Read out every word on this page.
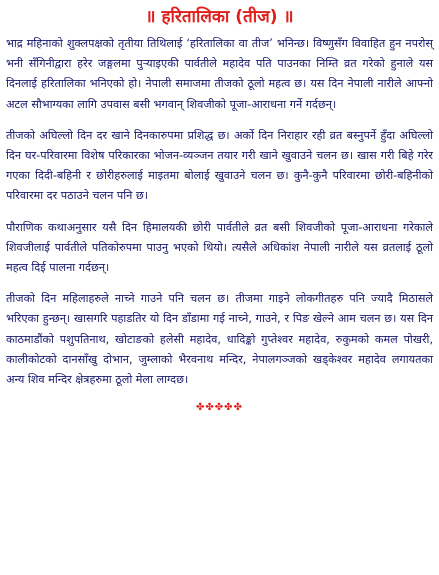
॥ हरितालिका (तीज) ॥

भाद्र महिनाको शुक्लपक्षको तृतीया तिथिलाई ‘हरितालिका वा तीज’ भनिन्छ। विष्णुसँग विवाहित हुन नपरोस् भनी सँगिनीद्वारा हरेर जङ्गलमा पुऱ्याइएकी पार्वतीले महादेव पति पाउनका निम्ति व्रत गरेको हुनाले यस दिनलाई हरितालिका भनिएको हो। नेपाली समाजमा तीजको ठूलो महत्व छ। यस दिन नेपाली नारीले आफ्नो अटल सौभाग्यका लागि उपवास बसी भगवान् शिवजीको पूजा-आराधना गर्ने गर्दछन्।

तीजको अघिल्लो दिन दर खाने दिनकारुपमा प्रशिद्ध छ। अर्को दिन निराहार रही व्रत बस्नुपर्ने हुँदा अघिल्लो दिन घर-परिवारमा विशेष परिकारका भोजन-व्यञ्जन तयार गरी खाने खुवाउने चलन छ। खास गरी बिहे गरेर गएका दिदी-बहिनी र छोरीहरुलाई माइतमा बोलाई खुवाउने चलन छ। कुनै-कुनै परिवारमा छोरी-बहिनीको परिवारमा दर पठाउने चलन पनि छ।

पौराणिक कथाअनुसार यसै दिन हिमालयकी छोरी पार्वतीले व्रत बसी शिवजीको पूजा-आराधना गरेकाले शिवजीलाई पार्वतीले पतिकोरुपमा पाउनु भएको थियो। त्यसैले अधिकांश नेपाली नारीले यस व्रतलाई ठूलो महत्व दिई पालना गर्दछन्।

तीजको दिन महिलाहरुले नाच्ने गाउने पनि चलन छ। तीजमा गाइने लोकगीतहरु पनि ज्यादै मिठासले भरिएका हुन्छन्। खासगरि पहाडतिर यो दिन डाँडामा गई नाच्ने, गाउने, र पिङ खेल्ने आम चलन छ। यस दिन काठमाडौंको पशुपतिनाथ, खोटाङको हलेसी महादेव, धादिङ्को गुप्तेश्वर महादेव, रुकुमको कमल पोखरी, कालीकोटको दानसाँखु दोभान, जुम्लाको भैरवनाथ मन्दिर, नेपालगञ्जको खड्केश्वर महादेव लगायतका अन्य शिव मन्दिर क्षेत्रहरुमा ठूलो मेला लाग्दछ।

✤✤✤✤✤
